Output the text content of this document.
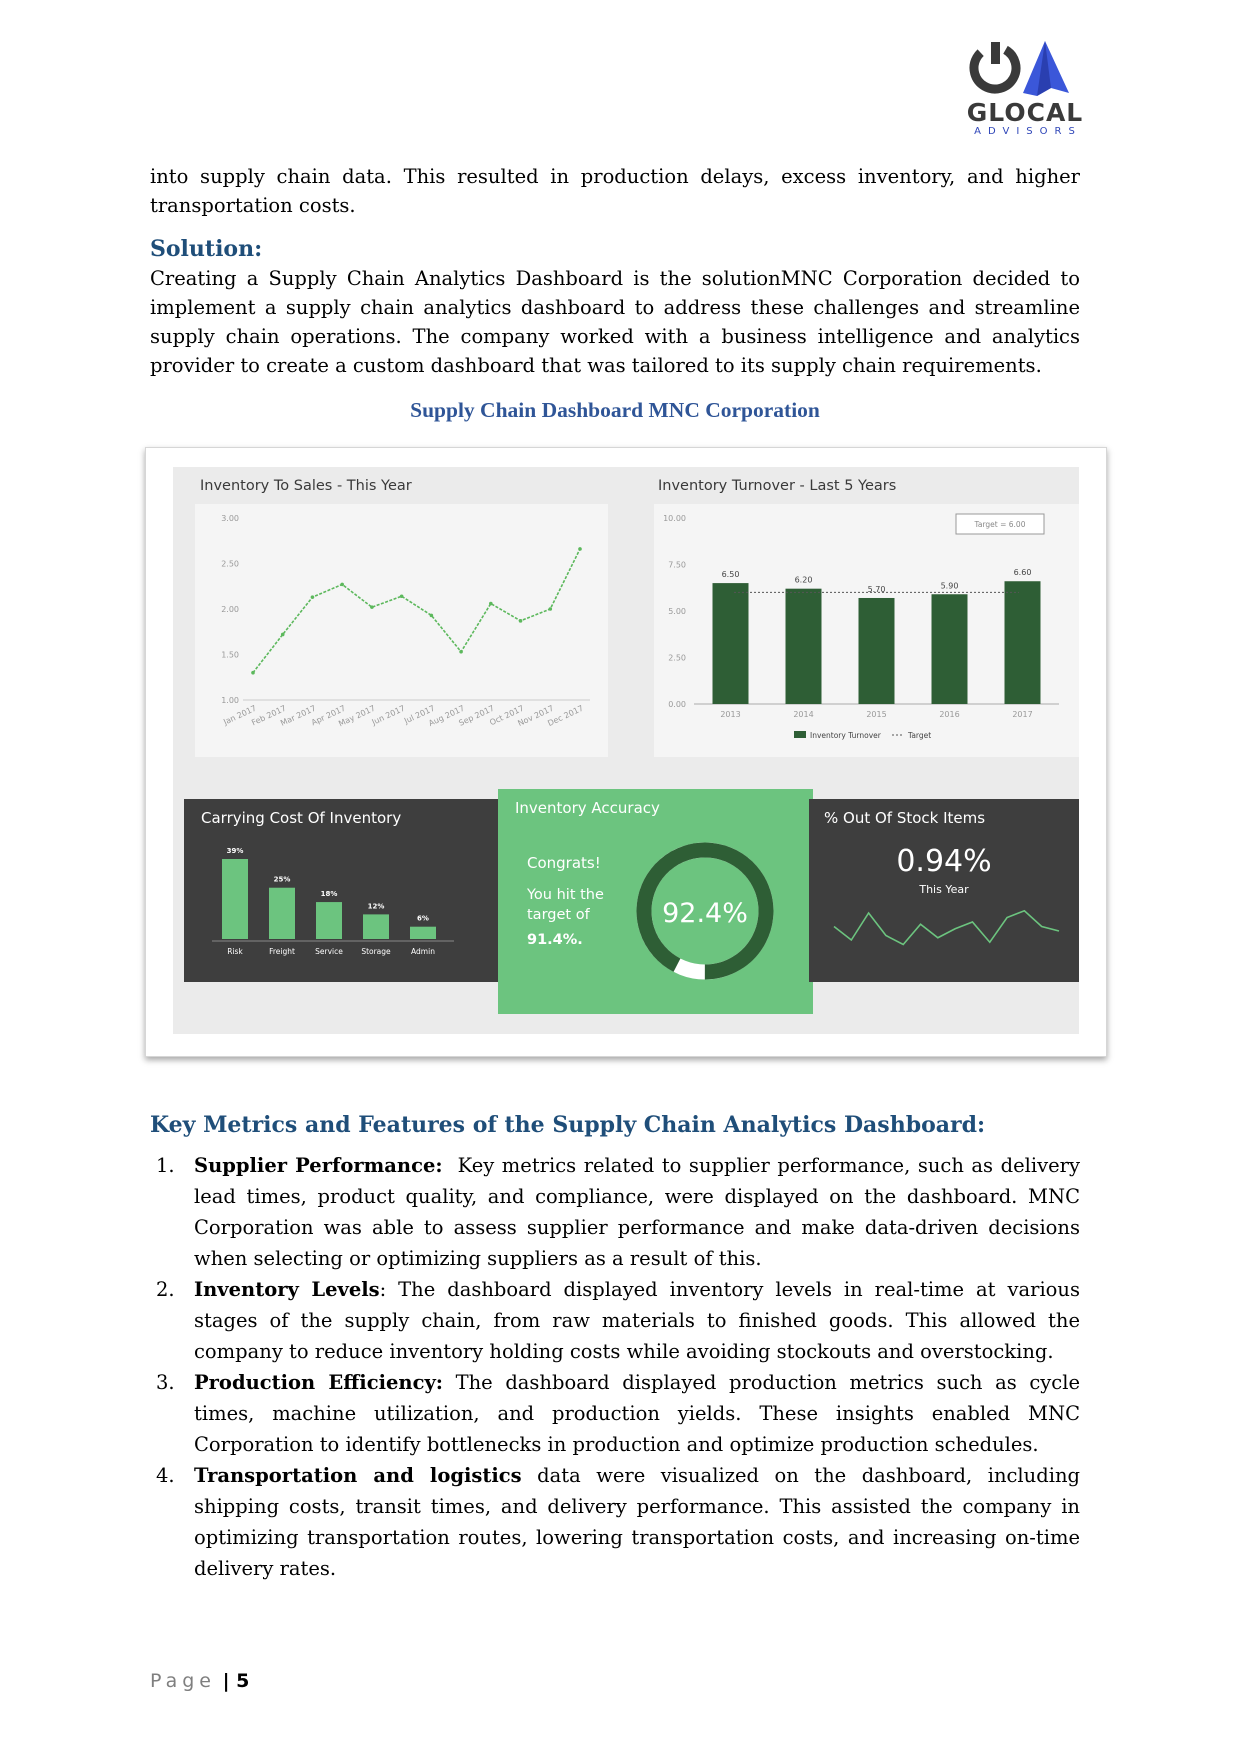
GLOCAL
ADVISORS

into supply chain data. This resulted in production delays, excess inventory, and higher transportation costs.

Solution:

Creating a Supply Chain Analytics Dashboard is the solutionMNC Corporation decided to implement a supply chain analytics dashboard to address these challenges and streamline supply chain operations. The company worked with a business intelligence and analytics provider to create a custom dashboard that was tailored to its supply chain requirements.

Supply Chain Dashboard MNC Corporation
Inventory To Sales - This Year
1.00
1.50
2.00
2.50
3.00
Jan 2017
Feb 2017
Mar 2017
Apr 2017
May 2017
Jun 2017
Jul 2017
Aug 2017
Sep 2017
Oct 2017
Nov 2017
Dec 2017
Inventory Turnover - Last 5 Years
0.00
2.50
5.00
7.50
10.00
Target = 6.00
6.50
2013
6.20
2014
5.70
2015
5.90
2016
6.60
2017
Inventory Turnover	Target
Carrying Cost Of Inventory
39%
Risk
25%
Freight
18%
Service
12%
Storage
6%
Admin
Inventory Accuracy
Congrats!
You hit the
target of
91.4%.
92.4%
% Out Of Stock Items
0.94%
This Year
Key Metrics and Features of the Supply Chain Analytics Dashboard:
1. Supplier Performance:  Key metrics related to supplier performance, such as delivery lead times, product quality, and compliance, were displayed on the dashboard. MNC Corporation was able to assess supplier performance and make data-driven decisions when selecting or optimizing suppliers as a result of this.
2. Inventory Levels: The dashboard displayed inventory levels in real-time at various stages of the supply chain, from raw materials to finished goods. This allowed the company to reduce inventory holding costs while avoiding stockouts and overstocking.
3. Production Efficiency: The dashboard displayed production metrics such as cycle times, machine utilization, and production yields. These insights enabled MNC Corporation to identify bottlenecks in production and optimize production schedules.
4. Transportation and logistics data were visualized on the dashboard, including shipping costs, transit times, and delivery performance. This assisted the company in optimizing transportation routes, lowering transportation costs, and increasing on-time delivery rates.
Page | 5
